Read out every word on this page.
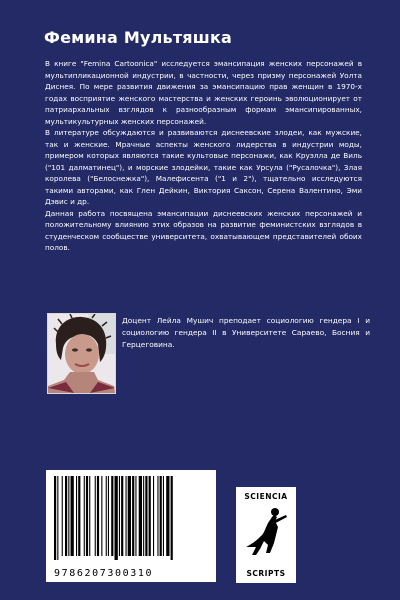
Фемина Мультяшка

В книге "Femina Cartoonica" исследуется эмансипация женских персонажей в мультипликационной индустрии, в частности, через призму персонажей Уолта Диснея. По мере развития движения за эмансипацию прав женщин в 1970-х годах восприятие женского мастерства и женских героинь эволюционирует от патриархальных взглядов к разнообразным формам эмансипированных, мультикультурных женских персонажей.

В литературе обсуждаются и развиваются диснеевские злодеи, как мужские, так и женские. Мрачные аспекты женского лидерства в индустрии моды, примером которых являются такие культовые персонажи, как Круэлла де Виль ("101 далматинец"), и морские злодейки, такие как Урсула ("Русалочка"), Злая королева ("Белоснежка"), Малефисента ("1 и 2"), тщательно исследуются такими авторами, как Глен Дейкин, Виктория Саксон, Серена Валентино, Эми Дэвис и др.

Данная работа посвящена эмансипации диснеевских женских персонажей и положительному влиянию этих образов на развитие феминистских взглядов в студенческом сообществе университета, охватывающем представителей обоих полов.

Доцент Лейла Мушич преподает социологию гендера I и социологию гендера II в Университете Сараево, Босния и Герцеговина.
9786207300310
SCIENCIA
SCRIPTS
